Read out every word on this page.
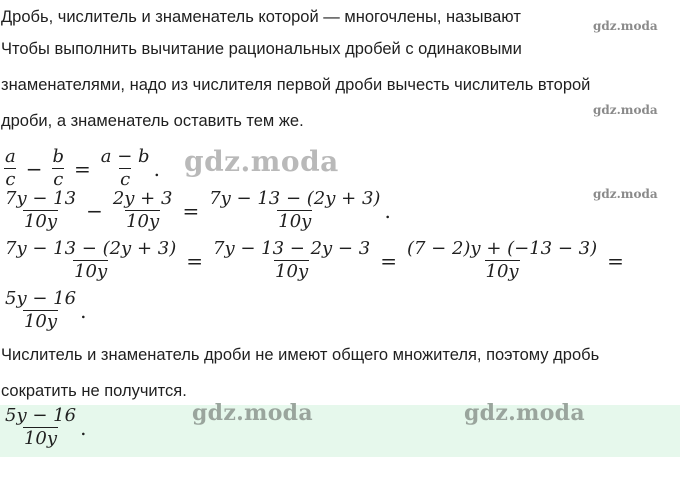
Дробь, числитель и знаменатель которой — многочлены, называют
Чтобы выполнить вычитание рациональных дробей с одинаковыми
знаменателями, надо из числителя первой дроби вычесть числитель второй
дроби, а знаменатель оставить тем же.
gdz.moda
gdz.moda
gdz.moda
$\frac{a}{c} - \frac{b}{c} = \frac{a - b}{c}$ . gdz.moda
$\frac{7y - 13}{10y} - \frac{2y + 3}{10y} = \frac{7y - 13 - (2y + 3)}{10y}$ .
$\frac{7y - 13 - (2y + 3)}{10y} = \frac{7y - 13 - 2y - 3}{10y} = \frac{(7 - 2)y + (-13 - 3)}{10y}$ =
$\frac{5y - 16}{10y}$ .
Числитель и знаменатель дроби не имеют общего множителя, поэтому дробь
сократить не получится.
gdz.moda	gdz.moda
$\frac{5y - 16}{10y}$ .
